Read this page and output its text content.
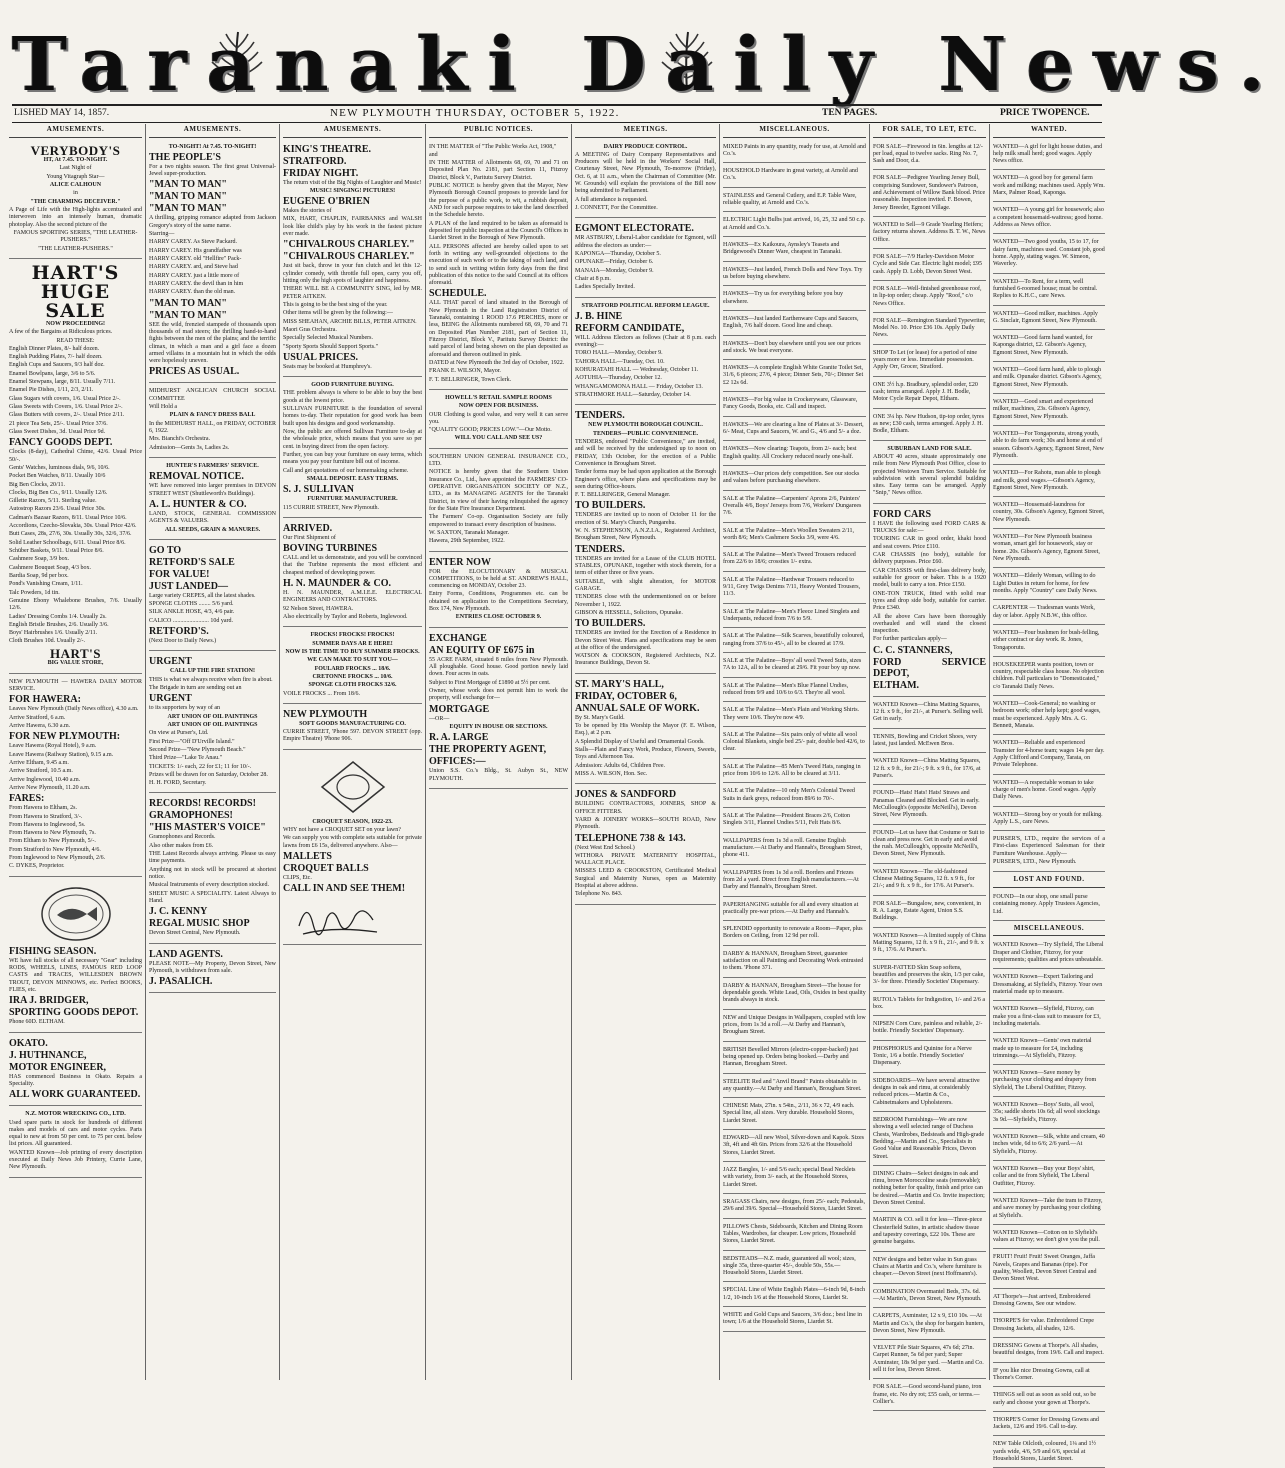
Taranaki Daily News.
LISHED MAY 14, 1857.	NEW PLYMOUTH THURSDAY, OCTOBER 5, 1922.	TEN PAGES.	PRICE TWOPENCE.
AMUSEMENTS.
VERYBODY'S

HT, At 7.45. TO-NIGHT.

Last Night of

Young Vitagraph Star—

ALICE CALHOUN

in

"THE CHARMING DECEIVER."

A Page of Life with the High-lights accentuated and interwoven into an intensely human, dramatic photoplay. Also the second picture of the

FAMOUS SPORTING SERIES, "THE LEATHER-PUSHERS."

"THE LEATHER-PUSHERS."

HART'S
HUGE
SALE

NOW PROCEEDING!

A few of the Bargains at Ridiculous prices.

READ THESE:

English Dinner Plates, 8/- half dozen.

English Pudding Plates, 7/- half dozen.

English Cups and Saucers, 9/3 half doz.

Enamel Bowlpans, large, 3/6 to 5/6.

Enamel Stewpans, large, 8/11. Usually 7/11.

Enamel Pie Dishes, 1/11, 2/3, 2/11.

Glass Sugars with covers, 1/6. Usual Price 2/-.

Glass Sweets with Covers, 1/6. Usual Price 2/-.

Glass Butters with covers, 2/-. Usual Price 2/11.

21 piece Tea Sets, 25/-. Usual Price 37/6.

Glass Sweet Dishes, 3d. Usual Price 9d.

FANCY GOODS DEPT.

Clocks (8-day), Cathedral Chime, 42/6. Usual Price 50/-.

Gents' Watches, luminous dials, 9/6, 10/6.

Pocket Ben Watches, 8/11. Usually 10/6

Big Ben Clocks, 20/11.

Clocks, Big Ben Co., 9/11. Usually 12/6.

Gillette Razors, 5/11. Sterling value.

Autostrop Razors 23/6. Usual Price 30s.

Cadman's Bazaar Razors, 8/11. Usual Price 10/6.

Accordions, Czecho-Slovakia, 30s. Usual Price 42/6.

Butt Cases, 28s, 27/6, 30s. Usually 30s, 32/6, 37/6.

Solid Leather Schoolbags, 6/11. Usual Price 8/6.

Schüber Baskets, 9/11. Usual Price 8/6.

Cashmere Soap, 3/9 box.

Cashmere Bouquet Soap, 4/3 box.

Bardia Soap, 9d per box.

Pond's Vanishing Cream, 1/11.

Talc Powders, 1d tin.

Genuine Ebony Whalebone Brushes, 7/6. Usually 12/6.

Ladies' Dressing Combs 1/4. Usually 2s.

English Bristle Brushes, 2/6. Usually 3/6.

Boys' Hairbrushes 1/6. Usually 2/11.

Cloth Brushes 10d. Usually 2/-.

HART'S

BIG VALUE STORE,

NEW PLYMOUTH — HAWERA DAILY MOTOR SERVICE.

FOR HAWERA:

Leaves New Plymouth (Daily News office), 4.30 a.m.

Arrive Stratford, 6 a.m.

Arrive Hawera, 6.30 a.m.

FOR NEW PLYMOUTH:

Leave Hawera (Royal Hotel), 9 a.m.

Leave Hawera (Railway Station), 9.15 a.m.

Arrive Eltham, 9.45 a.m.

Arrive Stratford, 10.5 a.m.

Arrive Inglewood, 10.40 a.m.

Arrive New Plymouth, 11.20 a.m.

FARES:

From Hawera to Eltham, 2s.

From Hawera to Stratford, 3/-.

From Hawera to Inglewood, 5s.

From Hawera to New Plymouth, 7s.

From Eltham to New Plymouth, 5/-.

From Stratford to New Plymouth, 4/6.

From Inglewood to New Plymouth, 2/6.

C. DYKES, Proprietor.

FISHING SEASON.

WE have full stocks of all necessary "Gear" including RODS, WHEELS, LINES, FAMOUS RED LOOP CASTS and TRACES, WILLESDEN BROWN TROUT, DEVON MINNOWS, etc. Perfect BOOKS, FLIES, etc.

IRA J. BRIDGER,

SPORTING GOODS DEPOT.

Phone 60D. ELTHAM.

OKATO.

J. HUTHNANCE,

MOTOR ENGINEER,

HAS commenced Business in Okato. Repairs a Speciality.

ALL WORK GUARANTEED.

N.Z. MOTOR WRECKING CO., LTD.

Used spare parts in stock for hundreds of different makes and models of cars and motor cycles. Parts equal to new at from 50 per cent. to 75 per cent. below list prices. All guaranteed.

WANTED Known—Job printing of every description executed at Daily News Job Printery, Currie Lane, New Plymouth.

AMUSEMENTS.

TO-NIGHT! At 7.45. TO-NIGHT!

THE PEOPLE'S

For a two nights season. The first great Universal-Jewel super-production.

"MAN TO MAN"

"MAN TO MAN"

"MAN TO MAN"

A thrilling, gripping romance adapted from Jackson Gregory's story of the same name.

Starring—

HARRY CAREY. As Steve Packard.

HARRY CAREY. His grandfather was

HARRY CAREY. old "Hellfire" Pack-

HARRY CAREY. ard, and Steve had

HARRY CAREY. just a little more of

HARRY CAREY. the devil than in him

HARRY CAREY. than the old man.

"MAN TO MAN"

"MAN TO MAN"

SEE the wild, frenzied stampede of thousands upon thousands of mad steers; the thrilling hand-to-hand fights between the men of the plains; and the terrific climax, in which a man and a girl face a dozen armed villains in a mountain hut in which the odds were hopelessly uneven.

PRICES AS USUAL.

MIDHURST ANGLICAN CHURCH SOCIAL COMMITTEE

Will Hold a

PLAIN & FANCY DRESS BALL

In the MIDHURST HALL, on FRIDAY, OCTOBER 6, 1922.

Mrs. Bianchi's Orchestra.

Admission—Gents 3s, Ladies 2s.

HUNTER'S FARMERS' SERVICE.

REMOVAL NOTICE.

WE have removed into larger premises in DEVON STREET WEST (Shuttleworth's Buildings).

A. L. HUNTER & CO.

LAND, STOCK, GENERAL COMMISSION AGENTS & VALUERS.

ALL SEEDS, GRAIN & MANURES.

GO TO

RETFORD'S SALE

FOR VALUE!

JUST LANDED—

Large variety CREPES, all the latest shades.

SPONGE CLOTHS ........ 5/6 yard.

SILK ANKLE HOSE, 4/3, 4/6 pair.

CALICO ........................ 10d yard.

RETFORD'S.

(Next Door to Daily News.)

URGENT

CALL UP THE FIRE STATION!

THIS is what we always receive when fire is about.

The Brigade in turn are sending out an

URGENT

to its supporters by way of an

ART UNION OF OIL PAINTINGS

ART UNION OF OIL PAINTINGS

On view at Purser's, Ltd.

First Prize—"Off D'Urville Island."

Second Prize—"New Plymouth Beach."

Third Prize—"Lake Te Anau."

TICKETS: 1/- each, 22 for £1; 11 for 10/-.

Prizes will be drawn for on Saturday, October 28.

H. H. FORD, Secretary.

RECORDS! RECORDS!

GRAMOPHONES!

"HIS MASTER'S VOICE"

Gramophones and Records.

Also other makes from £6.

THE Latest Records always arriving. Please us easy time payments.

Anything not in stock will be procured at shortest notice.

Musical Instruments of every description stocked.

SHEET MUSIC A SPECIALITY. Latest Always to Hand.

J. C. KENNY

REGAL MUSIC SHOP

Devon Street Central, New Plymouth.

LAND AGENTS.

PLEASE NOTE—My Property, Devon Street, New Plymouth, is withdrawn from sale.

J. PASALICH.

AMUSEMENTS.

KING'S THEATRE.

STRATFORD.

FRIDAY NIGHT.

The return visit of the Big Nights of Laughter and Music!

MUSIC! SINGING! PICTURES!

EUGENE O'BRIEN

Makes the stories of

MIX, HART, CHAPLIN, FAIRBANKS and WALSH look like child's play by his work in the fastest picture ever made.

"CHIVALROUS CHARLEY."

"CHIVALROUS CHARLEY."

Just sit back, throw in your fun clutch and let this 12-cylinder comedy, with throttle full open, carry you off, hitting only the high spots of laughter and happiness.

THERE WILL BE A COMMUNITY SING, led by MR. PETER AITKEN.

This is going to be the best sing of the year.

Other items will be given by the following:—

MISS SHEAHAN, ARCHIE BILLS, PETER AITKEN.

Maori Gras Orchestra.

Specially Selected Musical Numbers.

"Sporty Sports Should Support Sports."

USUAL PRICES.

Seats may be booked at Humphrey's.

GOOD FURNITURE BUYING.

THE problem always is where to be able to buy the best goods at the lowest price.

SULLIVAN FURNITURE is the foundation of several homes to-day. Their reputation for good work has been built upon his designs and good workmanship.

Now, the public are offered Sullivan Furniture to-day at the wholesale price, which means that you save so per cent. in buying direct from the open factory.

Further, you can buy your furniture on easy terms, which means you pay your furniture bill out of income.

Call and get quotations of our homemaking scheme.

SMALL DEPOSIT. EASY TERMS.

S. J. SULLIVAN

FURNITURE MANUFACTURER.

115 CURRIE STREET, New Plymouth.

ARRIVED.

Our First Shipment of

BOVING TURBINES

CALL and let us demonstrate, and you will be convinced that the Turbine represents the most efficient and cheapest method of developing power.

H. N. MAUNDER & CO.

H. N. MAUNDER, A.M.I.E.E. ELECTRICAL ENGINEERS AND CONTRACTORS.

92 Nelson Street, HAWERA.

Also electrically by Taylor and Roberts, Inglewood.

FROCKS! FROCKS! FROCKS!

SUMMER DAYS AR E HERE!

NOW IS THE TIME TO BUY SUMMER FROCKS.

WE CAN MAKE TO SUIT YOU—

FOULARD FROCKS ... 18/6.

CRETONNE FROCKS ... 10/6.

SPONGE CLOTH FROCKS 32/6.

VOILE FROCKS ... From 18/6.

NEW PLYMOUTH

SOFT GOODS MANUFACTURING CO.

CURRIE STREET, 'Phone 597. DEVON STREET (opp. Empire Theatre) 'Phone 906.

CROQUET SEASON, 1922-23.

WHY not have a CROQUET SET on your lawn?

We can supply you with complete sets suitable for private lawns from £6 15s, delivered anywhere. Also—

MALLETS

CROQUET BALLS

CLIPS, Etc.

CALL IN AND SEE THEM!

PUBLIC NOTICES.

IN THE MATTER of "The Public Works Act, 1908,"

and

IN THE MATTER of Allotments 68, 69, 70 and 71 on Deposited Plan No. 2181, part Section 11, Fitzroy District, Block V., Paritutu Survey District.

PUBLIC NOTICE is hereby given that the Mayor, New Plymouth Borough Council proposes to provide land for the purpose of a public work, to wit, a rubbish deposit, AND for such purpose requires to take the land described in the Schedule hereto.

A PLAN of the land required to be taken as aforesaid is deposited for public inspection at the Council's Offices in Liardet Street in the Borough of New Plymouth.

ALL PERSONS affected are hereby called upon to set forth in writing any well-grounded objections to the execution of such work or to the taking of such land, and to send such in writing within forty days from the first publication of this notice to the said Council at its offices aforesaid.

SCHEDULE.

ALL THAT parcel of land situated in the Borough of New Plymouth in the Land Registration District of Taranaki, containing 1 ROOD 17.6 PERCHES, more or less, BEING the Allotments numbered 68, 69, 70 and 71 on Deposited Plan Number 2181, part of Section 11, Fitzroy District, Block V., Paritutu Survey District: the said parcel of land being shown on the plan deposited as aforesaid and thereon outlined in pink.

DATED at New Plymouth the 3rd day of October, 1922.

FRANK E. WILSON, Mayor.

F. T. BELLRINGER, Town Clerk.

HOWELL'S RETAIL SAMPLE ROOMS

NOW OPEN FOR BUSINESS.

OUR Clothing is good value, and very well it can serve you.

"QUALITY GOOD; PRICES LOW."—Our Motto.

WILL YOU CALL AND SEE US?

SOUTHERN UNION GENERAL INSURANCE CO., LTD.

NOTICE is hereby given that the Southern Union Insurance Co., Ltd., have appointed the FARMERS' CO-OPERATIVE ORGANISATION SOCIETY OF N.Z., LTD., as its MANAGING AGENTS for the Taranaki District, in view of their having relinquished the agency for the State Fire Insurance Department.

The Farmers' Co-op. Organisation Society are fully empowered to transact every description of business.

W. SAXTON, Taranaki Manager.

Hawera, 29th September, 1922.

ENTER NOW

FOR the ELOCUTIONARY & MUSICAL COMPETITIONS, to be held at ST. ANDREW'S HALL, commencing on MONDAY, October 23.

Entry Forms, Conditions, Programmes etc. can be obtained on application to the Competitions Secretary, Box 174, New Plymouth.

ENTRIES CLOSE OCTOBER 9.

EXCHANGE

AN EQUITY OF £675 in

55 ACRE FARM, situated 8 miles from New Plymouth. All ploughable. Good house. Good portion newly laid down. Four acres in oats.

Subject to First Mortgage of £1890 at 5½ per cent.

Owner, whose work does not permit him to work the property, will exchange for—

MORTGAGE

—OR—

EQUITY IN HOUSE OR SECTIONS.

R. A. LARGE

THE PROPERTY AGENT,

OFFICES:—

Union S.S. Co.'s Bldg., St. Aubyn St., NEW PLYMOUTH.

MEETINGS.

DAIRY PRODUCE CONTROL.

A MEETING of Dairy Company Representatives and Producers will be held in the Workers' Social Hall, Courtenay Street, New Plymouth, To-morrow (Friday), Oct. 6, at 11 a.m., when the Chairman of Committee (Mr. W. Grounds) will explain the provisions of the Bill now being submitted to Parliament.

A full attendance is requested.

J. CONNETT, For the Committee.

EGMONT ELECTORATE.

MR ASTBURY, Liberal-Labor candidate for Egmont, will address the electors as under:—

KAPONGA—Thursday, October 5.

OPUNAKE—Friday, October 6.

MANAIA—Monday, October 9.

Chair at 8 p.m.

Ladies Specially Invited.

STRATFORD POLITICAL REFORM LEAGUE.

J. B. HINE

REFORM CANDIDATE,

WILL Address Electors as follows (Chair at 8 p.m. each evening):—

TORO HALL—Monday, October 9.

TAHORA HALL—Tuesday, Oct. 10.

KOHURATAHI HALL — Wednesday, October 11.

AOTUHIA—Thursday, October 12.

WHANGAMOMONA HALL — Friday, October 13.

STRATHMORE HALL—Saturday, October 14.

TENDERS.

NEW PLYMOUTH BOROUGH COUNCIL.

TENDERS—PUBLIC CONVENIENCE.

TENDERS, endorsed "Public Convenience," are invited, and will be received by the undersigned up to noon on FRIDAY, 13th October, for the erection of a Public Convenience in Brougham Street.

Tender forms may be had upon application at the Borough Engineer's office, where plans and specifications may be seen during Office-hours.

F. T. BELLRINGER, General Manager.

TO BUILDERS.

TENDERS are invited up to noon of October 11 for the erection of St. Mary's Church, Pungarehu.

W. N. STEPHENSON, A.N.Z.I.A., Registered Architect, Brougham Street, New Plymouth.

TENDERS.

TENDERS are invited for a Lease of the CLUB HOTEL STABLES, OPUNAKE, together with stock therein, for a term of either three or five years.

SUITABLE, with slight alteration, for MOTOR GARAGE.

TENDERS close with the undermentioned on or before November 1, 1922.

GIBSON & HESSELL, Solicitors, Opunake.

TO BUILDERS.

TENDERS are invited for the Erection of a Residence in Devon Street West. Plans and specifications may be seen at the office of the undersigned.

WATSON & COOKSON, Registered Architects, N.Z. Insurance Buildings, Devon St.

ST. MARY'S HALL,

FRIDAY, OCTOBER 6,

ANNUAL SALE OF WORK.

By St. Mary's Guild.

To be opened by His Worship the Mayor (F. E. Wilson, Esq.), at 2 p.m.

A Splendid Display of Useful and Ornamental Goods.

Stalls—Plain and Fancy Work, Produce, Flowers, Sweets, Toys and Afternoon Tea.

Admission: Adults 6d, Children Free.

MISS A. WILSON, Hon. Sec.

JONES & SANDFORD

BUILDING CONTRACTORS, JOINERS, SHOP & OFFICE FITTERS.

YARD & JOINERY WORKS—SOUTH ROAD, New Plymouth.

TELEPHONE 738 & 143.

(Next West End School.)

WITHORA PRIVATE MATERNITY HOSPITAL, WALLACE PLACE.

MISSES LEED & CROOKSTON, Certificated Medical Surgical and Maternity Nurses, open as Maternity Hospital at above address.

Telephone No. 843.

MISCELLANEOUS.
MIXED Paints in any quantity, ready for use, at Arnold and Co.'s.
HOUSEHOLD Hardware in great variety, at Arnold and Co.'s.
STAINLESS and General Cutlery, and E.P. Table Ware, reliable quality, at Arnold and Co.'s.
ELECTRIC Light Bulbs just arrived, 16, 25, 32 and 50 c.p. at Arnold and Co.'s.
HAWKES—Ex Kaikoura, Aynsley's Teasets and Bridgewood's Dinner Ware, cheapest in Taranaki.
HAWKES—Just landed, French Dolls and New Toys. Try us before buying elsewhere.
HAWKES—Try us for everything before you buy elsewhere.
HAWKES—Just landed Earthenware Cups and Saucers, English, 7/6 half dozen. Good line and cheap.
HAWKES—Don't buy elsewhere until you see our prices and stock. We beat everyone.
HAWKES—A complete English White Granite Toilet Set, 31/6, 6 pieces; 27/6, 4 piece; Dinner Sets, 70/-; Dinner Set £2 12s 6d.
HAWKES—For big value in Crockeryware, Glassware, Fancy Goods, Books, etc. Call and inspect.
HAWKES—We are clearing a line of Plates at 3/- Dessert, 6/- Meat, Cups and Saucers, W. and G., 4/6 and 5/- a doz.
HAWKES—Now clearing: Teapots, from 2/- each; best English quality. All Crockery reduced nearly one-half.
HAWKES—Our prices defy competition. See our stocks and values before purchasing elsewhere.
SALE at The Palatine—Carpenters' Aprons 2/6, Painters' Overalls 4/6, Boys' Jerseys from 7/6, Workers' Dungarees 7/6.
SALE at The Palatine—Men's Woollen Sweaters 2/11, worth 8/6; Men's Cashmere Socks 3/9, were 4/6.
SALE at The Palatine—Men's Tweed Trousers reduced from 22/6 to 18/6; crossties 1/- extra.
SALE at The Palatine—Hardwear Trousers reduced to 9/11, Grey Twigs Denims 7/11, Heavy Worsted Trousers, 11/3.
SALE at The Palatine—Men's Fleece Lined Singlets and Underpants, reduced from 7/6 to 5/9.
SALE at The Palatine—Silk Scarves, beautifully coloured, ranging from 37/6 to 45/-, all to be cleared at 17/9.
SALE at The Palatine—Boys' all wool Tweed Suits, sizes 7A to 12A, all to be cleared at 29/6. Fit your boy up now.
SALE at The Palatine—Men's Blue Flannel Undies, reduced from 9/9 and 10/6 to 6/3. They're all wool.
SALE at The Palatine—Men's Plain and Working Shirts. They were 10/6. They're now 4/9.
SALE at The Palatine—Six pairs only of white all wool Colonial Blankets, single bed 25/- pair, double bed 42/6, to clear.
SALE at The Palatine—85 Men's Tweed Hats, ranging in price from 10/6 to 12/6. All to be cleared at 3/11.
SALE at The Palatine—10 only Men's Colonial Tweed Suits in dark greys, reduced from 89/6 to 70/-.
SALE at The Palatine—President Braces 2/6, Cotton Singlets 3/11, Flannel Undies 5/11, Felt Hats 8/6.
WALLPAPERS from 1s 3d a roll. Genuine English manufacture.—At Darby and Hannah's, Brougham Street, phone 411.
WALLPAPERS from 1s 3d a roll. Borders and Friezes from 2d a yard. Direct from English manufacturers.—At Darby and Hannah's, Brougham Street.
PAPERHANGING suitable for all and every situation at practically pre-war prices.—At Darby and Hannah's.
SPLENDID opportunity to renovate a Room—Paper, plus Borders on Ceiling, from 12 9d per roll.
DARBY & HANNAN, Brougham Street, guarantee satisfaction on all Painting and Decorating Work entrusted to them. 'Phone 371.
DARBY & HANNAN, Brougham Street—The house for dependable goods. White Lead, Oils, Oxides in best quality brands always in stock.
NEW and Unique Designs in Wallpapers, coupled with low prices, from 1s 3d a roll.—At Darby and Hannan's, Brougham Street.
BRITISH Bevelled Mirrors (electro-copper-backed) just being opened up. Orders being booked.—Darby and Hannan, Brougham Street.
STEELITE Red and "Anvil Brand" Paints obtainable in any quantity.—At Darby and Hannan's, Brougham Street.
CHINESE Mats, 27in. x 54in., 2/11, 36 x 72, 4/9 each. Special line, all sizes. Very durable. Household Stores, Liardet Street.
EDWARD—All new Wool, Silver-down and Kapok. Sizes 3ft, 4ft and 4ft 6in. Prices from 32/6 at the Household Stores, Liardet Street.
JAZZ Bangles, 1/- and 5/6 each; special Bead Necklets with variety, from 3/- each, at the Household Stores, Liardet Street.
SRAGASS Chairs, new designs, from 25/- each; Pedestals, 29/6 and 39/6. Special—Household Stores, Liardet Street.
PILLOWS Chests, Sideboards, Kitchen and Dining Room Tables, Wardrobes, far cheaper. Low prices, Household Stores, Liardet Street.
BEDSTEADS—N.Z. made, guaranteed all wool; sizes, single 35s, three-quarter 45/-, double 50s, 55s.—Household Stores, Liardet Street.
SPECIAL Line of White English Plates—6-inch 9d, 8-inch 1/2, 10-inch 1/6 at the Household Stores, Liardet St.
WHITE and Gold Cups and Saucers, 3/6 doz.; best line in town; 1/6 at the Household Stores, Liardet St.
FOR SALE, TO LET, ETC.
FOR SALE—Firewood in 6in. lengths at 12/- per load, equal to twelve sacks. Ring No. 7, Sash and Door, d.a.
FOR SALE—Pedigree Yearling Jersey Bull, comprising Sundower, Sundower's Patroon, and Achievement of Willow Bank blood. Price reasonable. Inspection invited. F. Bowen, Jersey Breeder, Egmont Village.
WANTED to Sell—9 Grade Yearling Heifers; factory returns shown. Address B. T. W., News Office.
FOR SALE—7/9 Harley-Davidson Motor Cycle and Side Car. Electric light model; £95 cash. Apply D. Lobb, Devon Street West.
FOR SALE—Well-finished greenhouse roof, in lip-top order; cheap. Apply "Roof," c/o News Office.
FOR SALE—Remington Standard Typewriter, Model No. 10. Price £36 10s. Apply Daily News.
SHOP To Let (or lease) for a period of nine years more or less. Immediate possession. Apply Orr, Grocer, Stratford.
ONE 3½ h.p. Bradbury, splendid order, £20 cash; terms arranged. Apply J. H. Bodle, Motor Cycle Repair Depot, Eltham.
ONE 3¼ hp. New Hudson, tip-top order, tyres as new; £30 cash, terms arranged. Apply J. H. Bodle, Eltham.

SUBURBAN LAND FOR SALE.

ABOUT 40 acres, situate approximately one mile from New Plymouth Post Office, close to projected Westown Tram Service. Suitable for subdivision with several splendid building sites. Easy terms can be arranged. Apply "Snip," News office.

FORD CARS

I HAVE the following used FORD CARS & TRUCKS for sale:—

TOURING CAR in good order, khaki hood and seat covers. Price £110.

CAR CHASSIS (no body), suitable for delivery purposes. Price £60.

CAR CHASSIS with first-class delivery body, suitable for grocer or baker. This is a 1920 model, built to carry a ton. Price £150.

ONE-TON TRUCK, fitted with solid rear tyres and drop side body, suitable for carrier. Price £340.

All the above Cars have been thoroughly overhauled and will stand the closest inspection.

For further particulars apply—

C. C. STANNERS,

FORD SERVICE DEPOT,

ELTHAM.

WANTED Known—China Matting Squares, 12 ft. x 9 ft., for 21/-, at Purser's. Selling well. Get in early.
TENNIS, Bowling and Cricket Shoes, very latest, just landed. McEwen Bros.
WANTED Known—China Matting Squares, 12 ft. x 9 ft., for 21/-; 9 ft. x 9 ft., for 17/6, at Purser's.
FOUND—Hats! Hats! Hats! Straws and Panamas Cleaned and Blocked. Get in early. McCullough's (opposite McNeill's), Devon Street, New Plymouth.
FOUND—Let us have that Costume or Suit to clean and press now. Get in early and avoid the rush. McCullough's, opposite McNeill's, Devon Street, New Plymouth.
WANTED Known—The old-fashioned Chinese Matting Squares, 12 ft. x 9 ft., for 21/-; and 9 ft. x 9 ft., for 17/6. At Purser's.
FOR SALE—Bungalow, new, convenient, in R. A. Large, Estate Agent, Union S.S. Buildings.
WANTED Known—A limited supply of China Matting Squares, 12 ft. x 9 ft., 21/-, and 9 ft. x 9 ft., 17/6. At Purser's.
SUPER-FATTED Skin Soap softens, beautifies and preserves the skin, 1/3 per cake, 3/- for three. Friendly Societies' Dispensary.
RUTOL's Tablets for Indigestion, 1/- and 2/6 a box.
NIPSEN Corn Cure, painless and reliable, 2/- bottle. Friendly Societies' Dispensary.
PHOSPHORUS and Quinine for a Nerve Tonic, 1/6 a bottle. Friendly Societies' Dispensary.
SIDEBOARDS—We have several attractive designs in oak and rimu, at considerably reduced prices.—Martin & Co., Cabinetmakers and Upholsterers.
BEDROOM Furnishings—We are now showing a well selected range of Duchess Chests, Wardrobes, Bedsteads and High-grade Bedding.—Martin and Co., Specialists in Good Value and Reasonable Prices, Devon Street.
DINING Chairs—Select designs in oak and rimu, brown Moroccoline seats (removable); nothing better for quality, finish and price can be desired.—Martin and Co. Invite inspection; Devon Street Central.
MARTIN & CO. sell it for less—Three-piece Chesterfield Suites, in artistic shadow tissue and tapestry coverings, £22 10s. These are genuine bargains.
NEW designs and better value in Sun grass Chairs at Martin and Co.'s, where furniture is cheaper.—Devon Street (next Hoffmann's).
COMBINATION Overmantel Beds, 37s. 6d.—At Martin's, Devon Street, New Plymouth.
CARPETS, Axminster, 12 x 9, £10 10s. —At Martin and Co.'s, the shop for bargain hunters, Devon Street, New Plymouth.
VELVET Pile Stair Squares, 47s 6d; 27in. Carpet Runner, 5s 6d per yard; Super Axminster, 18s 9d per yard. —Martin and Co. sell it for less, Devon Street.
FOR SALE.—Good second-hand piano, iron frame, etc. No dry rot; £55 cash, or terms.—Collier's.
WANTED.
WANTED—A girl for light house duties, and help milk small herd; good wages. Apply News office.
WANTED—A good boy for general farm work and milking; machines used. Apply Wm. Marx, Palmer Road, Kaponga.
WANTED—A young girl for housework; also a competent housemaid-waitress; good home. Address as News office.
WANTED—Two good youths, 15 to 17, for dairy farm, machines used. Constant job, good home. Apply, stating wages. W. Simeon, Waverley.
WANTED—To Rent, for a term, well furnished 6-roomed house; must be central. Replies to K.H.C., care News.
WANTED—Good milker, machines. Apply G. Sinclair, Egmont Street, New Plymouth.
WANTED—Good farm hand wanted, for Kaponga district, £2. Gibson's Agency, Egmont Street, New Plymouth.
WANTED—Good farm hand, able to plough and milk. Opunake district. Gibson's Agency, Egmont Street, New Plymouth.
WANTED—Good smart and experienced milker, machines, 23s. Gibson's Agency, Egmont Street, New Plymouth.
WANTED—For Tongaporutu, strong youth, able to do farm work; 30s and home at end of season. Gibson's Agency, Egmont Street, New Plymouth.
WANTED—For Rahotu, man able to plough and milk, good wages.—Gibson's Agency, Egmont Street, New Plymouth.
WANTED—Housemaid-laundress for country, 30s. Gibson's Agency, Egmont Street, New Plymouth.
WANTED—For New Plymouth business woman, smart girl for housework, stay or home. 20s. Gibson's Agency, Egmont Street, New Plymouth.
WANTED—Elderly Woman, willing to do Light Duties in return for home, for few months. Apply "Country" care Daily News.
CARPENTER — Tradesman wants Work, day or labor. Apply N.B.W., this office.
WANTED—Four bushmen for bush-felling, either contract or day work. R. Jones, Tongaporutu.
HOUSEKEEPER wants position, town or country, respectable class house. No objection children. Full particulars to "Domesticated," c/o Taranaki Daily News.
WANTED—Cook-General; no washing or bedroom work; other help kept; good wages, must be experienced. Apply Mrs. A. G. Bennett, Manaia.
WANTED—Reliable and experienced Teamster for 4-horse team; wages 14s per day. Apply Clifford and Company, Tarata, on Private Telephone.
WANTED—A respectable woman to take charge of men's home. Good wages. Apply Daily News.
WANTED—Strong boy or youth for milking. Apply L.S., care News.

PURSER'S, LTD., require the services of a First-class Experienced Salesman for their Furniture Warehouse. Apply—

PURSER'S, LTD., New Plymouth.

LOST AND FOUND.
FOUND—In our shop, one small purse containing money. Apply Trustees Agencies, Ltd.
MISCELLANEOUS.
WANTED Known—Try Slyfield, The Liberal Draper and Clothier, Fitzroy, for your requirements; qualities and prices unbeatable.
WANTED Known—Expert Tailoring and Dressmaking, at Slyfield's, Fitzroy. Your own material made up to measure.
WANTED Known—Slyfield, Fitzroy, can make you a first-class suit to measure for £3, including materials.
WANTED Known—Gents' own material made up to measure for £4, including trimmings.—At Slyfield's, Fitzroy.
WANTED Known—Save money by purchasing your clothing and drapery from Slyfield, The Liberal Outfitter, Fitzroy.
WANTED Known—Boys' Suits, all wool, 35s; saddle shorts 10s 6d; all wool stockings 3s 9d.—Slyfield's, Fitzroy.
WANTED Known—Silk, white and cream, 40 inches wide, 6d to 6/6; 2/6 yard.—At Slyfield's, Fitzroy.
WANTED Known—Buy your Boys' shirt, collar and tie from Slyfield, The Liberal Outfitter, Fitzroy.
WANTED Known—Take the tram to Fitzroy, and save money by purchasing your clothing at Slyfield's.
WANTED Known—Cotton on to Slyfield's values at Fitzroy; we don't give you the pull.
FRUIT! Fruit! Fruit! Sweet Oranges, Jaffa Navels, Grapes and Bananas (ripe). For quality, Woollett, Devon Street Central and Devon Street West.
AT Thorpe's—Just arrived, Embroidered Dressing Gowns, See our window.
THORPE'S for value. Embroidered Crepe Dressing Jackets, all shades, 12/6.
DRESSING Gowns at Thorpe's. All shades, beautiful designs, from 19/6. Call and inspect.
IF you like nice Dressing Gowns, call at Thorne's Corner.
THINGS sell out as soon as sold out, so be early and choose your gown at Thorpe's.
THORPE'S Corner for Dressing Gowns and Jackets, 12/6 and 19/6. Call to-day.
NEW Table Oilcloth, coloured, 1¼ and 1½ yards wide, 4/6, 5/9 and 6/6, special at Household Stores, Liardet Street.
